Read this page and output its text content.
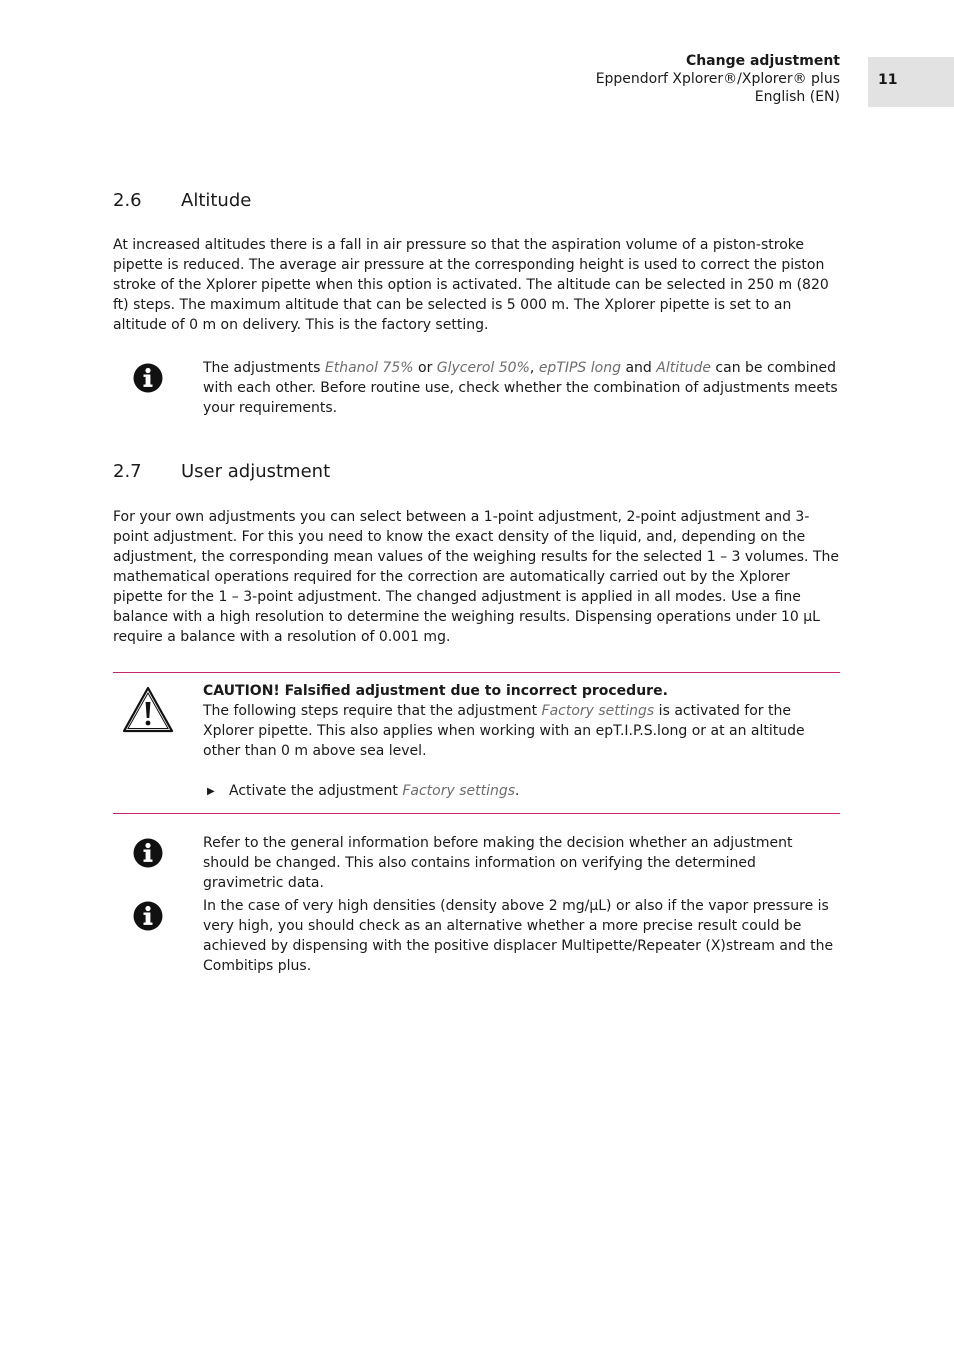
Change adjustment
Eppendorf Xplorer®/Xplorer® plus
English (EN)
11
2.6 Altitude
At increased altitudes there is a fall in air pressure so that the aspiration volume of a piston-stroke pipette is reduced. The average air pressure at the corresponding height is used to correct the piston stroke of the Xplorer pipette when this option is activated. The altitude can be selected in 250 m (820 ft) steps. The maximum altitude that can be selected is 5 000 m. The Xplorer pipette is set to an altitude of 0 m on delivery. This is the factory setting.
The adjustments Ethanol 75% or Glycerol 50%, epTIPS long and Altitude can be combined with each other. Before routine use, check whether the combination of adjustments meets your requirements.
2.7 User adjustment
For your own adjustments you can select between a 1-point adjustment, 2-point adjustment and 3-point adjustment. For this you need to know the exact density of the liquid, and, depending on the adjustment, the corresponding mean values of the weighing results for the selected 1 – 3 volumes. The mathematical operations required for the correction are automatically carried out by the Xplorer pipette for the 1 – 3-point adjustment. The changed adjustment is applied in all modes. Use a fine balance with a high resolution to determine the weighing results. Dispensing operations under 10 µL require a balance with a resolution of 0.001 mg.
CAUTION! Falsified adjustment due to incorrect procedure.
The following steps require that the adjustment Factory settings is activated for the Xplorer pipette. This also applies when working with an epT.I.P.S.long or at an altitude other than 0 m above sea level.
▶ Activate the adjustment Factory settings.
Refer to the general information before making the decision whether an adjustment should be changed. This also contains information on verifying the determined gravimetric data.
In the case of very high densities (density above 2 mg/µL) or also if the vapor pressure is very high, you should check as an alternative whether a more precise result could be achieved by dispensing with the positive displacer Multipette/Repeater (X)stream and the Combitips plus.
